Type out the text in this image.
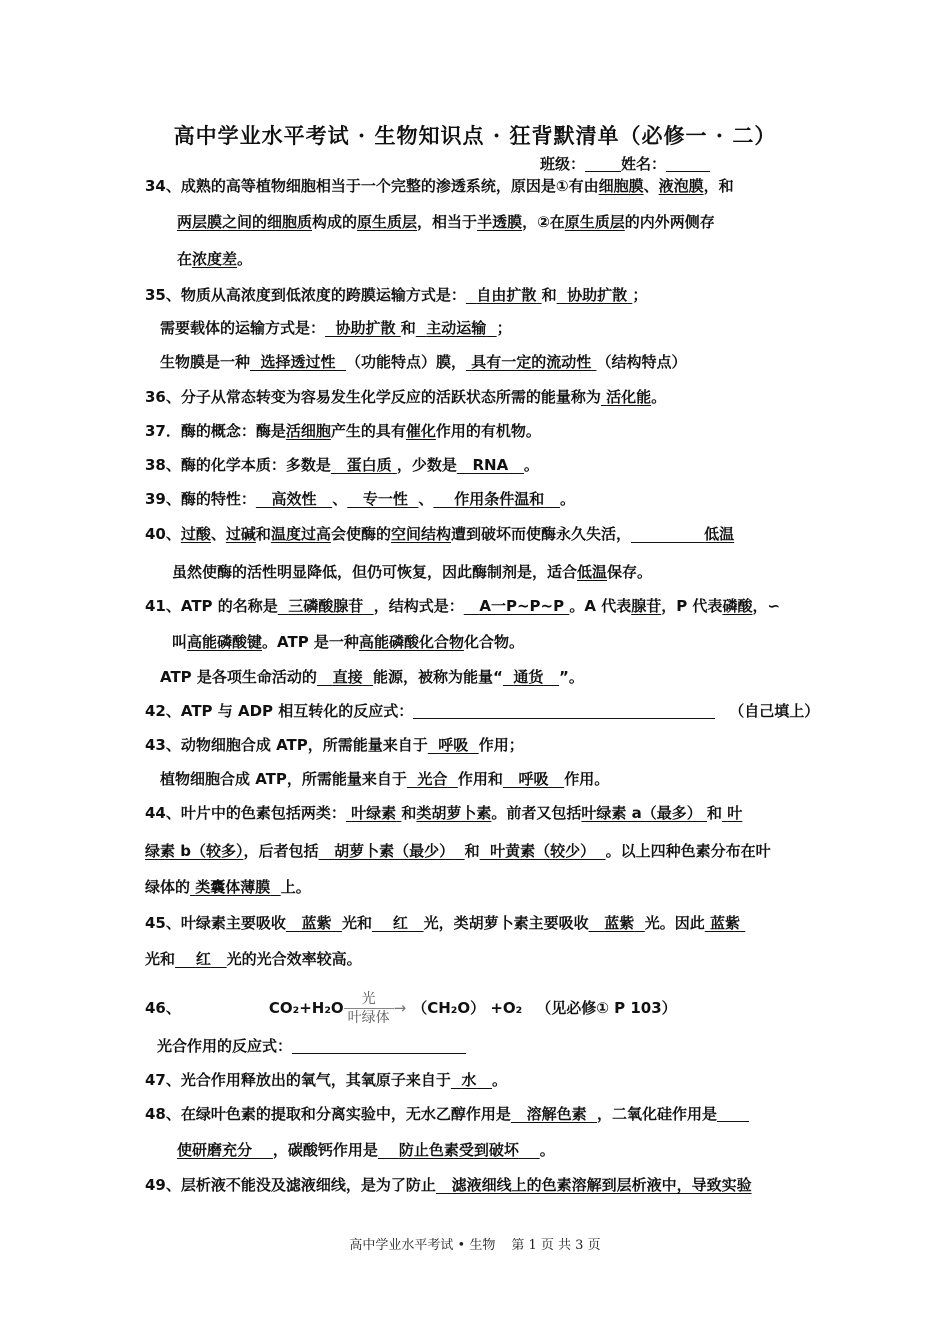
高中学业水平考试 · 生物知识点 · 狂背默清单（必修一 · 二）
班级： 姓名：
34、成熟的高等植物细胞相当于一个完整的渗透系统，原因是①有由细胞膜、液泡膜，和
两层膜之间的细胞质构成的原生质层，相当于半透膜，②在原生质层的内外两侧存
在浓度差。
35、物质从高浓度到低浓度的跨膜运输方式是： 自由扩散 和 协助扩散 ；
需要载体的运输方式是： 协助扩散 和 主动运输 ；
生物膜是一种 选择透过性 （功能特点）膜， 具有一定的流动性 （结构特点）
36、分子从常态转变为容易发生化学反应的活跃状态所需的能量称为 活化能。
37．酶的概念：酶是活细胞产生的具有催化作用的有机物。
38、酶的化学本质：多数是 蛋白质 ，少数是 RNA 。
39、酶的特性： 高效性 、 专一性 、 作用条件温和 。
40、过酸、过碱和温度过高会使酶的空间结构遭到破坏而使酶永久失活，	低温
虽然使酶的活性明显降低，但仍可恢复，因此酶制剂是，适合低温保存。
41、ATP 的名称是 三磷酸腺苷 ，结构式是： A一P~P~P 。A 代表腺苷，P 代表磷酸，∽
叫高能磷酸键。ATP 是一种高能磷酸化合物化合物。
ATP 是各项生命活动的 直接 能源，被称为能量“ 通货 ”。
42、ATP 与 ADP 相互转化的反应式：	（自己填上）
43、动物细胞合成 ATP，所需能量来自于 呼吸 作用；
植物细胞合成 ATP，所需能量来自于 光合 作用和 呼吸 作用。
44、叶片中的色素包括两类： 叶绿素 和类胡萝卜素。前者又包括叶绿素 a（最多） 和 叶
绿素 b（较多），后者包括 胡萝卜素（最少） 和 叶黄素（较少） 。以上四种色素分布在叶
绿体的 类囊体薄膜 上。
45、叶绿素主要吸收 蓝紫 光和 红 光，类胡萝卜素主要吸收 蓝紫 光。因此 蓝紫
光和 红 光的光合效率较高。
46、	$CO_2+H_2O \frac{\text{光}}{\text{叶绿体}} \to (CH_2O) +O_2$ （见必修① P 103）
光合作用的反应式：
47、光合作用释放出的氧气，其氧原子来自于 水 。
48、在绿叶色素的提取和分离实验中，无水乙醇作用是 溶解色素 ，二氧化硅作用是
使研磨充分 ，碳酸钙作用是 防止色素受到破坏 。
49、层析液不能没及滤液细线，是为了防止 滤液细线上的色素溶解到层析液中，导致实验
高中学业水平考试 • 生物 第 1 页 共 3 页
